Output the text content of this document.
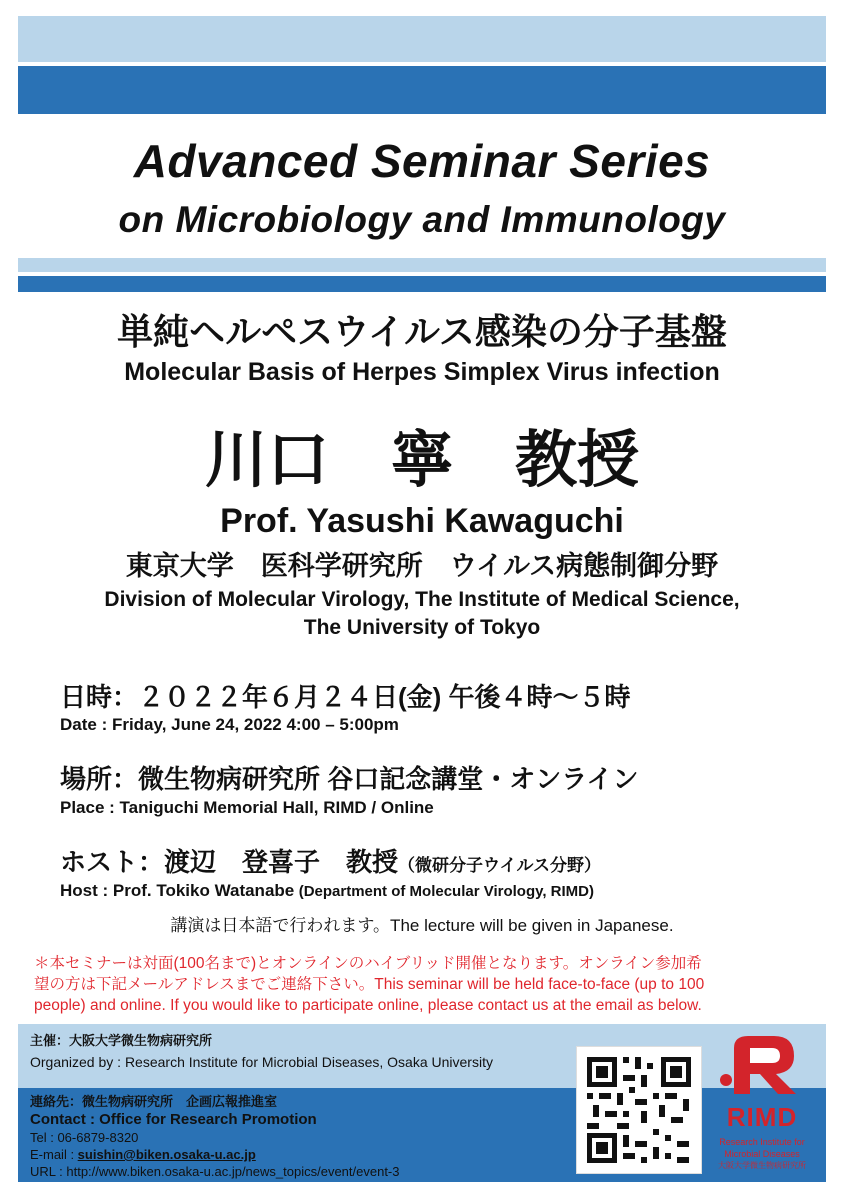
Advanced Seminar Series
on Microbiology and Immunology
単純ヘルペスウイルス感染の分子基盤
Molecular Basis of Herpes Simplex Virus infection
川口　寧　教授
Prof. Yasushi Kawaguchi
東京大学　医科学研究所　ウイルス病態制御分野
Division of Molecular Virology, The Institute of Medical Science,
The University of Tokyo
日時：２０２２年６月２４日(金) 午後４時～５時
Date : Friday, June 24, 2022 4:00 – 5:00pm
場所：微生物病研究所 谷口記念講堂・オンライン
Place : Taniguchi Memorial Hall, RIMD / Online
ホスト：渡辺　登喜子　教授（微研分子ウイルス分野）
Host : Prof. Tokiko Watanabe (Department of Molecular Virology, RIMD)
講演は日本語で行われます。The lecture will be given in Japanese.
＊本セミナーは対面(100名まで)とオンラインのハイブリッド開催となります。オンライン参加希
望の方は下記メールアドレスまでご連絡下さい。This seminar will be held face-to-face (up to 100
people) and online. If you would like to participate online, please contact us at the email as below.
主催：大阪大学微生物病研究所
Organized by : Research Institute for Microbial Diseases, Osaka University
連絡先：微生物病研究所　企画広報推進室
Contact : Office for Research Promotion
Tel : 06-6879-8320
E-mail : suishin@biken.osaka-u.ac.jp
URL : http://www.biken.osaka-u.ac.jp/news_topics/event/event-3
RIMD
Research Institute for
Microbial Diseases
大阪大学微生物病研究所
